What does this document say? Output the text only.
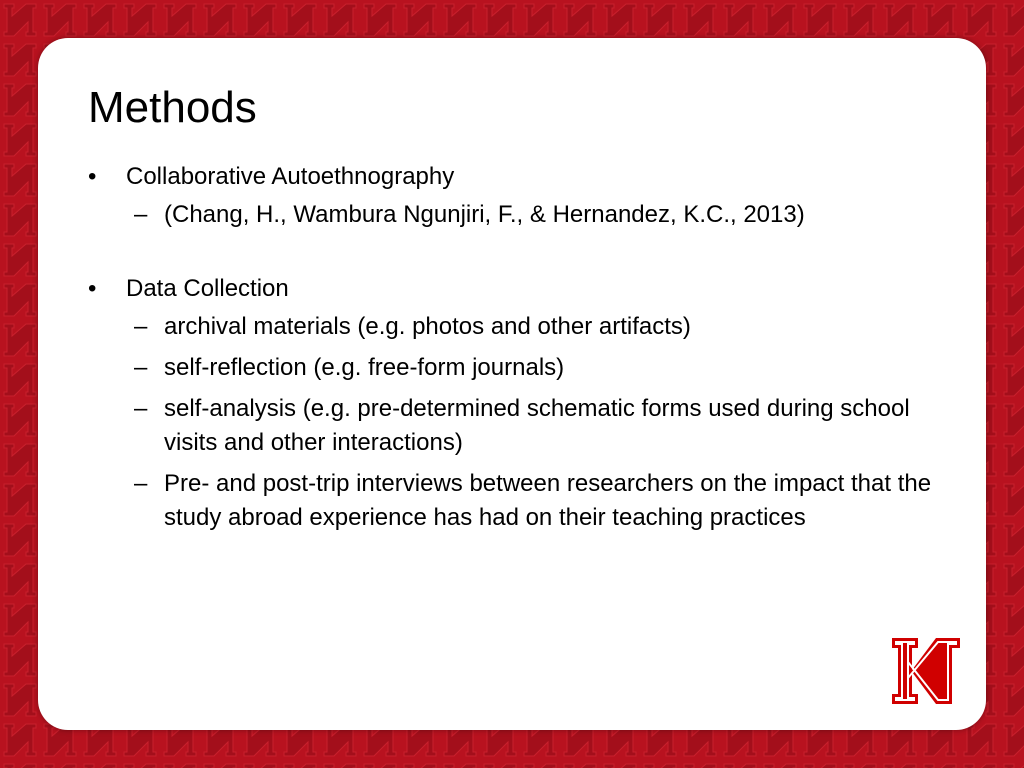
Methods
• Collaborative Autoethnography
– (Chang, H., Wambura Ngunjiri, F., & Hernandez, K.C., 2013)
• Data Collection
– archival materials (e.g. photos and other artifacts)
– self-reflection (e.g. free-form journals)
– self-analysis (e.g. pre-determined schematic forms used during school visits and other interactions)
– Pre- and post-trip interviews between researchers on the impact that the study abroad experience has had on their teaching practices
